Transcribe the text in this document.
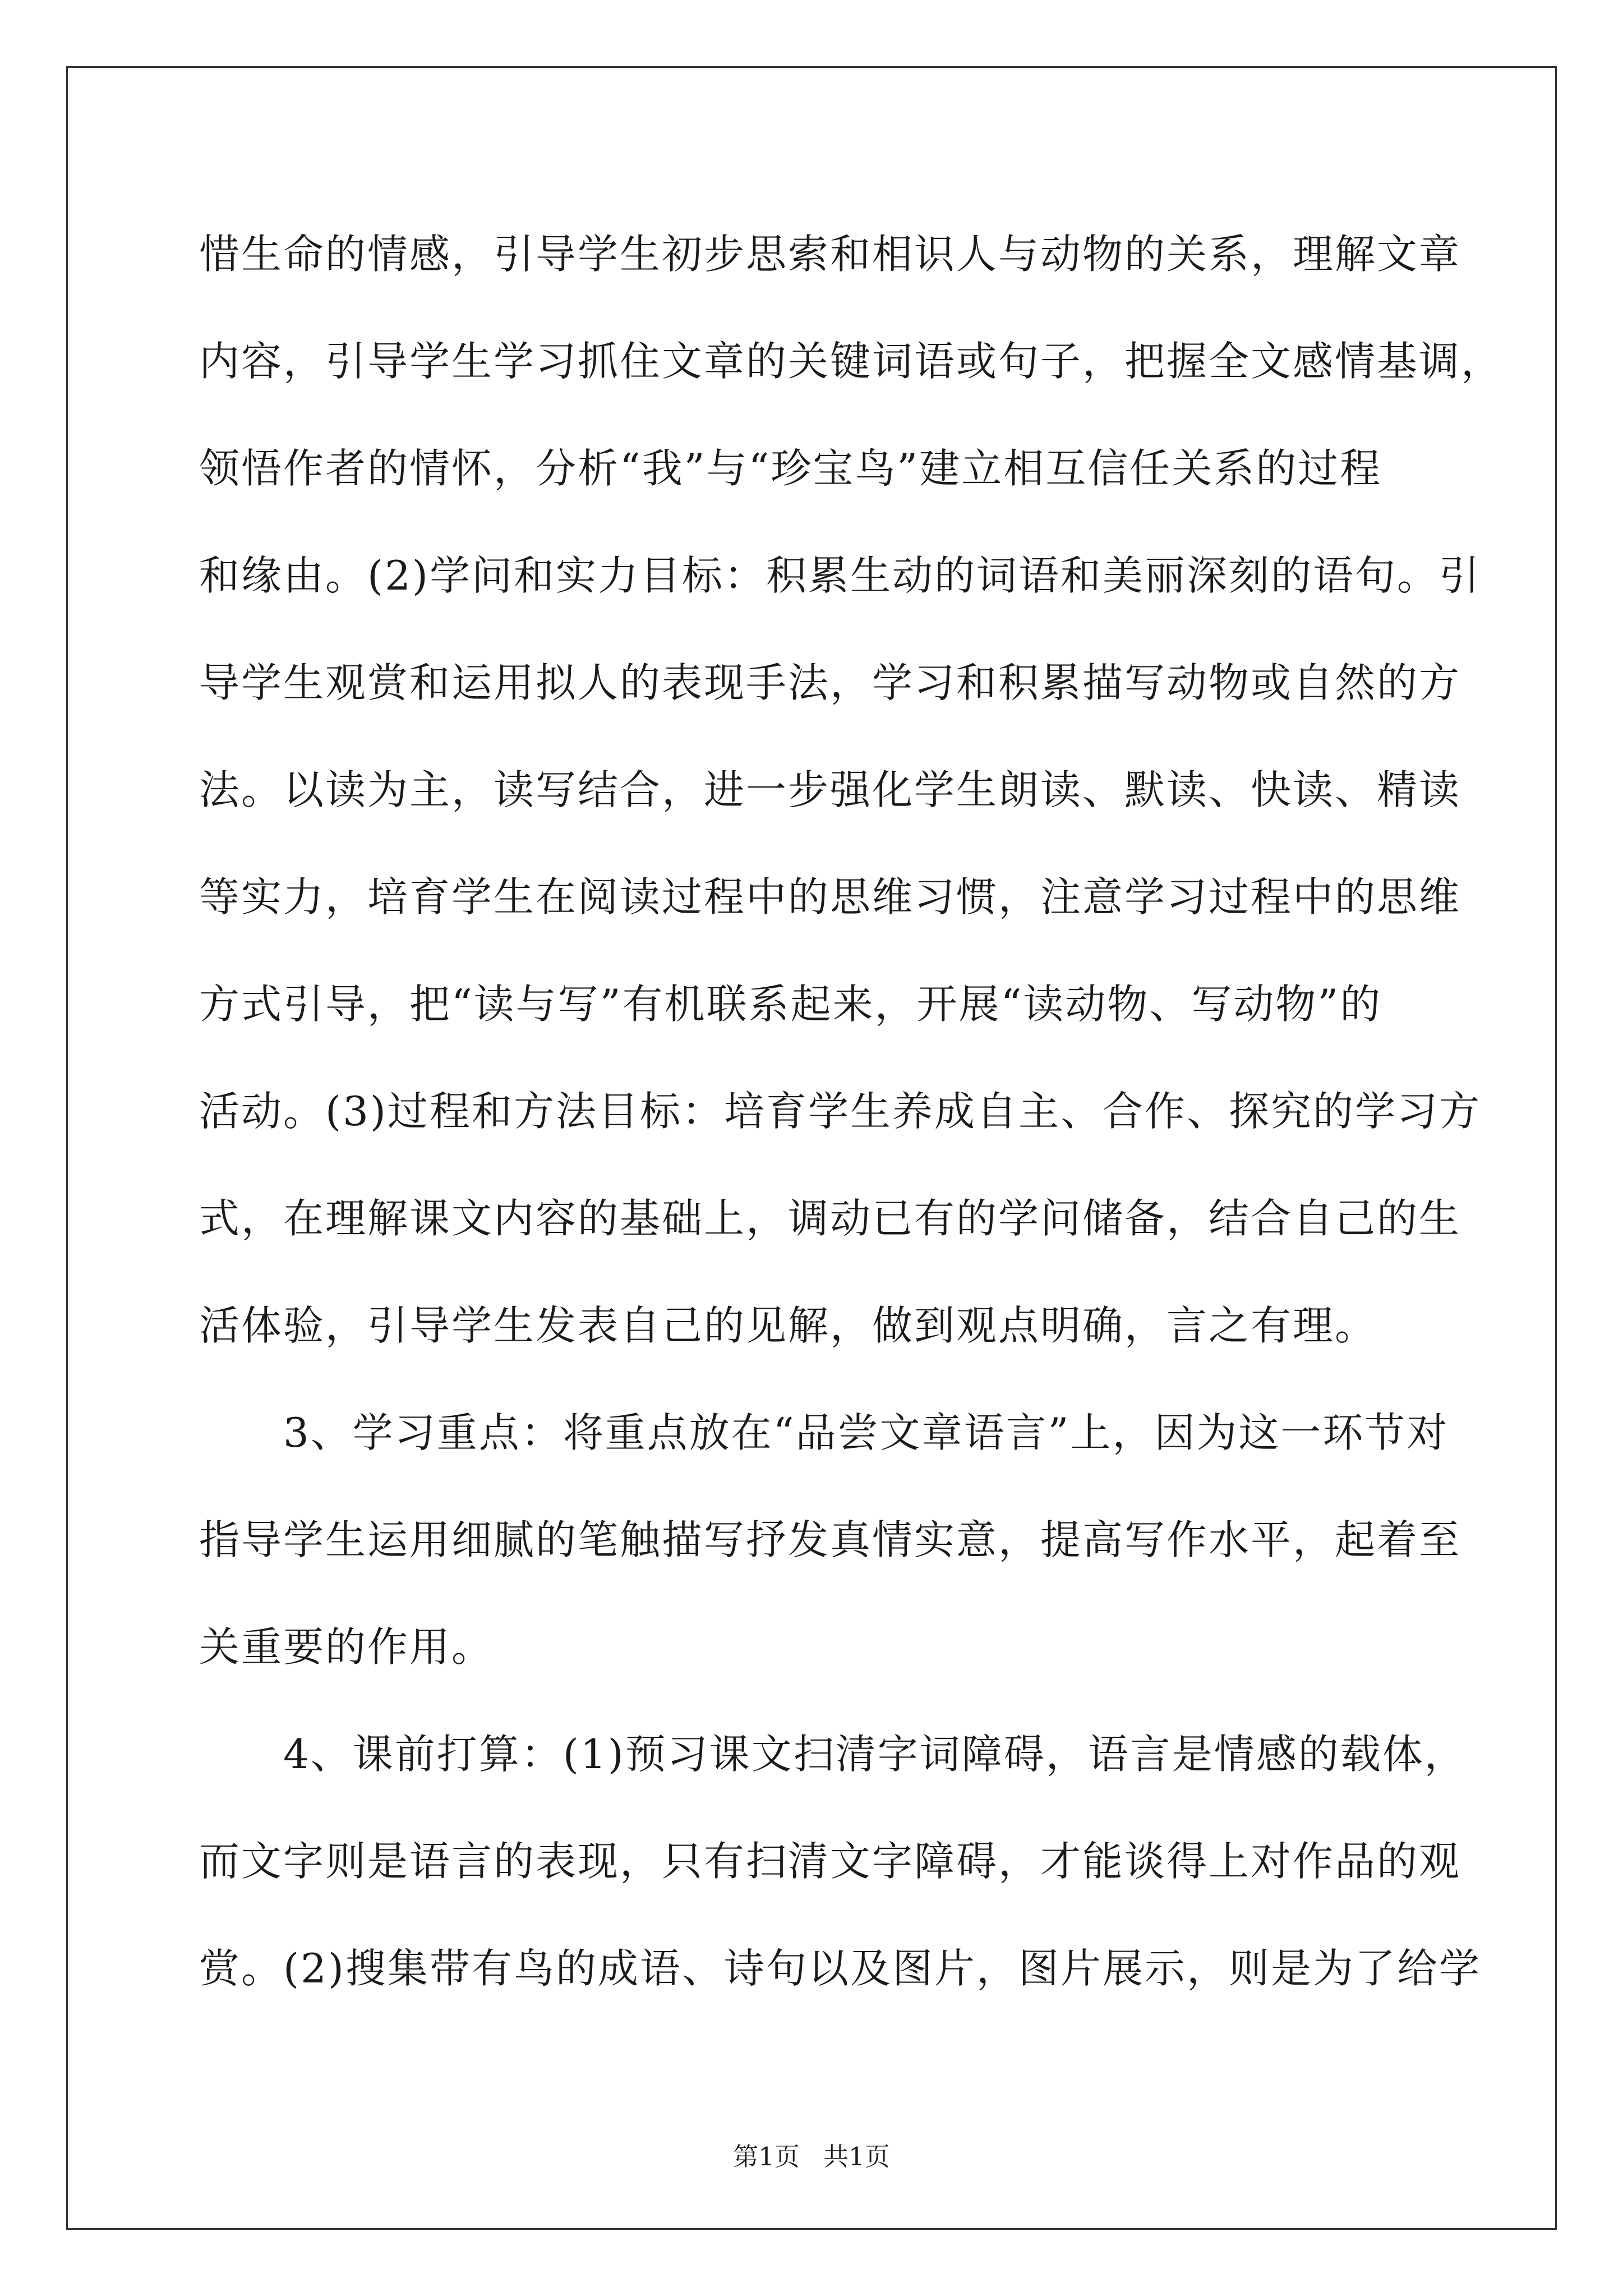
惜生命的情感，引导学生初步思索和相识人与动物的关系，理解文章
内容，引导学生学习抓住文章的关键词语或句子，把握全文感情基调，
领悟作者的情怀，分析“我”与“珍宝鸟”建立相互信任关系的过程
和缘由。(2)学问和实力目标：积累生动的词语和美丽深刻的语句。引
导学生观赏和运用拟人的表现手法，学习和积累描写动物或自然的方
法。以读为主，读写结合，进一步强化学生朗读、默读、快读、精读
等实力，培育学生在阅读过程中的思维习惯，注意学习过程中的思维
方式引导，把“读与写”有机联系起来，开展“读动物、写动物”的
活动。(3)过程和方法目标：培育学生养成自主、合作、探究的学习方
式，在理解课文内容的基础上，调动已有的学问储备，结合自己的生
活体验，引导学生发表自己的见解，做到观点明确，言之有理。
3、学习重点：将重点放在“品尝文章语言”上，因为这一环节对
指导学生运用细腻的笔触描写抒发真情实意，提高写作水平，起着至
关重要的作用。
4、课前打算：(1)预习课文扫清字词障碍，语言是情感的载体，
而文字则是语言的表现，只有扫清文字障碍，才能谈得上对作品的观
赏。(2)搜集带有鸟的成语、诗句以及图片，图片展示，则是为了给学
第1页 共1页
